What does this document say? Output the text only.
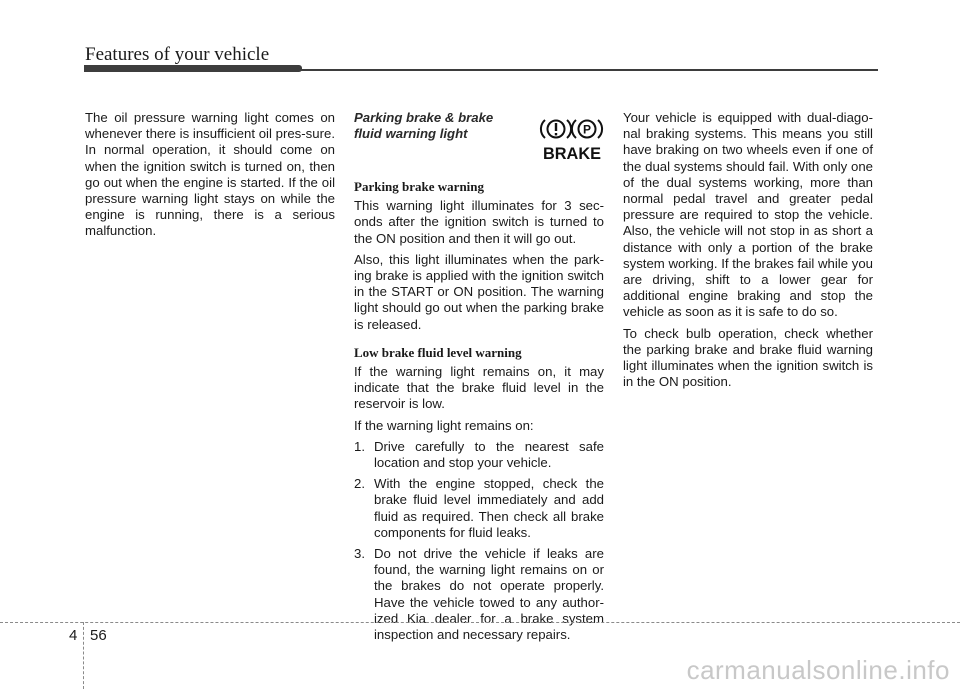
Features of your vehicle

The oil pressure warning light comes on whenever there is insufficient oil pres-sure. In normal operation, it should come on when the ignition switch is turned on, then go out when the engine is started. If the oil pressure warning light stays on while the engine is running, there is a serious malfunction.

Parking brake & brake
fluid warning light

Parking brake warning

This warning light illuminates for 3 sec-onds after the ignition switch is turned to the ON position and then it will go out.

Also, this light illuminates when the park-ing brake is applied with the ignition switch in the START or ON position. The warning light should go out when the parking brake is released.

Low brake fluid level warning

If the warning light remains on, it may indicate that the brake fluid level in the reservoir is low.

If the warning light remains on:

1. Drive carefully to the nearest safe location and stop your vehicle.
2. With the engine stopped, check the brake fluid level immediately and add fluid as required. Then check all brake components for fluid leaks.
3. Do not drive the vehicle if leaks are found, the warning light remains on or the brakes do not operate properly. Have the vehicle towed to any author-ized Kia dealer for a brake system inspection and necessary repairs.
P
BRAKE

Your vehicle is equipped with dual-diago-nal braking systems. This means you still have braking on two wheels even if one of the dual systems should fail. With only one of the dual systems working, more than normal pedal travel and greater pedal pressure are required to stop the vehicle. Also, the vehicle will not stop in as short a distance with only a portion of the brake system working. If the brakes fail while you are driving, shift to a lower gear for additional engine braking and stop the vehicle as soon as it is safe to do so.

To check bulb operation, check whether the parking brake and brake fluid warning light illuminates when the ignition switch is in the ON position.

4 56
carmanualsonline.info
